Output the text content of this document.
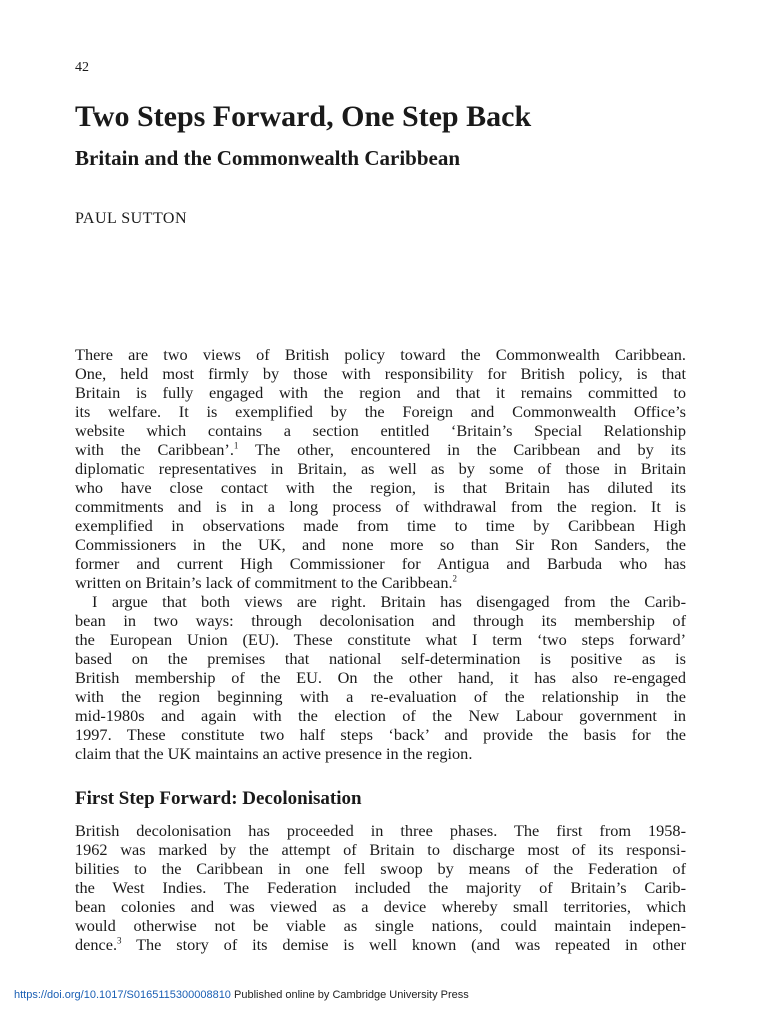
42
Two Steps Forward, One Step Back
Britain and the Commonwealth Caribbean
PAUL SUTTON
There are two views of British policy toward the Commonwealth Caribbean.
One, held most firmly by those with responsibility for British policy, is that
Britain is fully engaged with the region and that it remains committed to
its welfare. It is exemplified by the Foreign and Commonwealth Office’s
website which contains a section entitled ‘Britain’s Special Relationship
with the Caribbean’.$^1$ The other, encountered in the Caribbean and by its
diplomatic representatives in Britain, as well as by some of those in Britain
who have close contact with the region, is that Britain has diluted its
commitments and is in a long process of withdrawal from the region. It is
exemplified in observations made from time to time by Caribbean High
Commissioners in the UK, and none more so than Sir Ron Sanders, the
former and current High Commissioner for Antigua and Barbuda who has
written on Britain’s lack of commitment to the Caribbean.$^2$
I argue that both views are right. Britain has disengaged from the Carib-
bean in two ways: through decolonisation and through its membership of
the European Union (EU). These constitute what I term ‘two steps forward’
based on the premises that national self-determination is positive as is
British membership of the EU. On the other hand, it has also re-engaged
with the region beginning with a re-evaluation of the relationship in the
mid-1980s and again with the election of the New Labour government in
1997. These constitute two half steps ‘back’ and provide the basis for the
claim that the UK maintains an active presence in the region.
First Step Forward: Decolonisation
British decolonisation has proceeded in three phases. The first from 1958-
1962 was marked by the attempt of Britain to discharge most of its responsi-
bilities to the Caribbean in one fell swoop by means of the Federation of
the West Indies. The Federation included the majority of Britain’s Carib-
bean colonies and was viewed as a device whereby small territories, which
would otherwise not be viable as single nations, could maintain indepen-
dence.$^3$ The story of its demise is well known (and was repeated in other
https://doi.org/10.1017/S0165115300008810 Published online by Cambridge University Press
